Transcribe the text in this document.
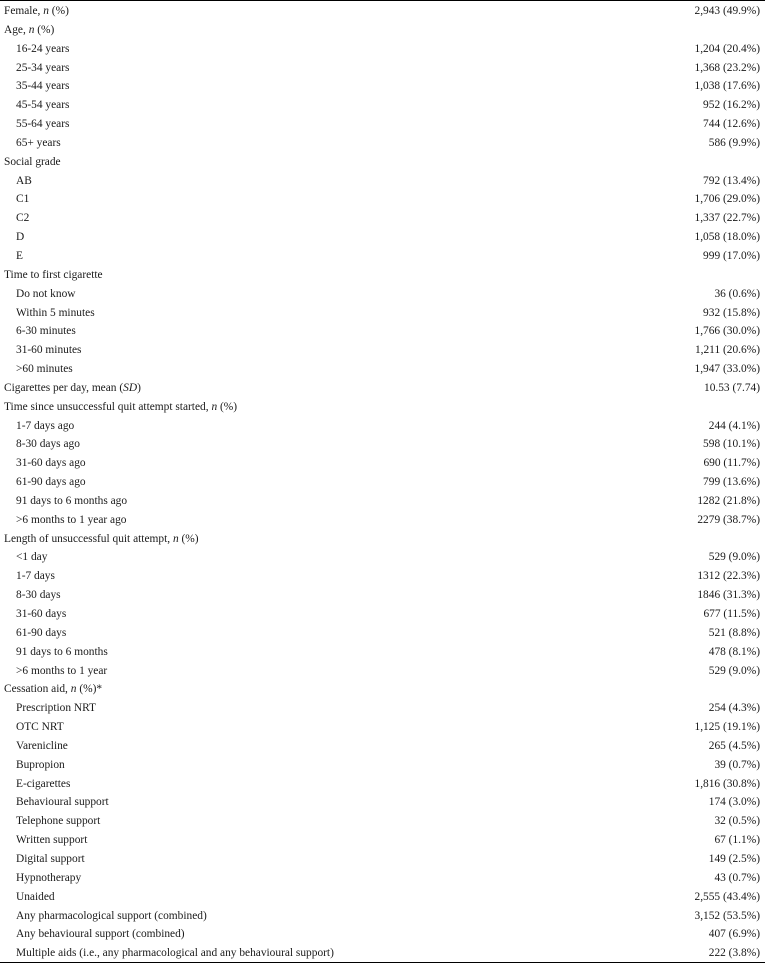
Female, n (%)	2,943 (49.9%)
Age, n (%)
16-24 years	1,204 (20.4%)
25-34 years	1,368 (23.2%)
35-44 years	1,038 (17.6%)
45-54 years	952 (16.2%)
55-64 years	744 (12.6%)
65+ years	586 (9.9%)
Social grade
AB	792 (13.4%)
C1	1,706 (29.0%)
C2	1,337 (22.7%)
D	1,058 (18.0%)
E	999 (17.0%)
Time to first cigarette
Do not know	36 (0.6%)
Within 5 minutes	932 (15.8%)
6-30 minutes	1,766 (30.0%)
31-60 minutes	1,211 (20.6%)
>60 minutes	1,947 (33.0%)
Cigarettes per day, mean (SD)	10.53 (7.74)
Time since unsuccessful quit attempt started, n (%)
1-7 days ago	244 (4.1%)
8-30 days ago	598 (10.1%)
31-60 days ago	690 (11.7%)
61-90 days ago	799 (13.6%)
91 days to 6 months ago	1282 (21.8%)
>6 months to 1 year ago	2279 (38.7%)
Length of unsuccessful quit attempt, n (%)
<1 day	529 (9.0%)
1-7 days	1312 (22.3%)
8-30 days	1846 (31.3%)
31-60 days	677 (11.5%)
61-90 days	521 (8.8%)
91 days to 6 months	478 (8.1%)
>6 months to 1 year	529 (9.0%)
Cessation aid, n (%)*
Prescription NRT	254 (4.3%)
OTC NRT	1,125 (19.1%)
Varenicline	265 (4.5%)
Bupropion	39 (0.7%)
E-cigarettes	1,816 (30.8%)
Behavioural support	174 (3.0%)
Telephone support	32 (0.5%)
Written support	67 (1.1%)
Digital support	149 (2.5%)
Hypnotherapy	43 (0.7%)
Unaided	2,555 (43.4%)
Any pharmacological support (combined)	3,152 (53.5%)
Any behavioural support (combined)	407 (6.9%)
Multiple aids (i.e., any pharmacological and any behavioural support)	222 (3.8%)
